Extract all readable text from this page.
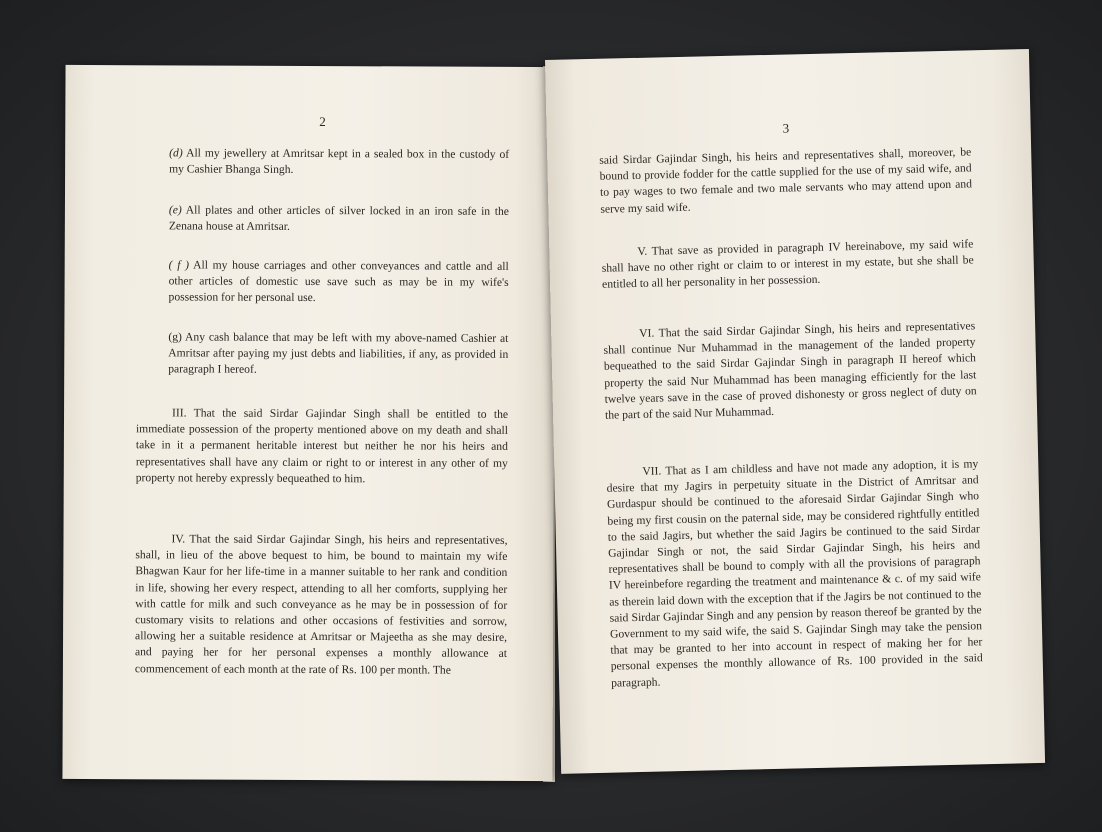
2
(d) All my jewellery at Amritsar kept in a sealed box in the custody of my Cashier Bhanga Singh.
(e) All plates and other articles of silver locked in an iron safe in the Zenana house at Amritsar.
( f ) All my house carriages and other conveyances and cattle and all other articles of domestic use save such as may be in my wife's possession for her personal use.
(g) Any cash balance that may be left with my above-named Cashier at Amritsar after paying my just debts and liabilities, if any, as provided in paragraph I hereof.

III. That the said Sirdar Gajindar Singh shall be entitled to the immediate possession of the property mentioned above on my death and shall take in it a permanent heritable interest but neither he nor his heirs and representatives shall have any claim or right to or interest in any other of my property not hereby expressly bequeathed to him.

IV. That the said Sirdar Gajindar Singh, his heirs and representatives, shall, in lieu of the above bequest to him, be bound to maintain my wife Bhagwan Kaur for her life-time in a manner suitable to her rank and condition in life, showing her every respect, attending to all her comforts, supplying her with cattle for milk and such conveyance as he may be in possession of for customary visits to relations and other occasions of festivities and sorrow, allowing her a suitable residence at Amritsar or Majeetha as she may desire, and paying her for her personal expenses a monthly allowance at commencement of each month at the rate of Rs. 100 per month. The

3

said Sirdar Gajindar Singh, his heirs and representatives shall, moreover, be bound to provide fodder for the cattle supplied for the use of my said wife, and to pay wages to two female and two male servants who may attend upon and serve my said wife.

V. That save as provided in paragraph IV hereinabove, my said wife shall have no other right or claim to or interest in my estate, but she shall be entitled to all her personality in her possession.

VI. That the said Sirdar Gajindar Singh, his heirs and representatives shall continue Nur Muhammad in the management of the landed property bequeathed to the said Sirdar Gajindar Singh in paragraph II hereof which property the said Nur Muhammad has been managing efficiently for the last twelve years save in the case of proved dishonesty or gross neglect of duty on the part of the said Nur Muhammad.

VII. That as I am childless and have not made any adoption, it is my desire that my Jagirs in perpetuity situate in the District of Amritsar and Gurdaspur should be continued to the aforesaid Sirdar Gajindar Singh who being my first cousin on the paternal side, may be considered rightfully entitled to the said Jagirs, but whether the said Jagirs be continued to the said Sirdar Gajindar Singh or not, the said Sirdar Gajindar Singh, his heirs and representatives shall be bound to comply with all the provisions of paragraph IV hereinbefore regarding the treatment and maintenance & c. of my said wife as therein laid down with the exception that if the Jagirs be not continued to the said Sirdar Gajindar Singh and any pension by reason thereof be granted by the Government to my said wife, the said S. Gajindar Singh may take the pension that may be granted to her into account in respect of making her for her personal expenses the monthly allowance of Rs. 100 provided in the said paragraph.
